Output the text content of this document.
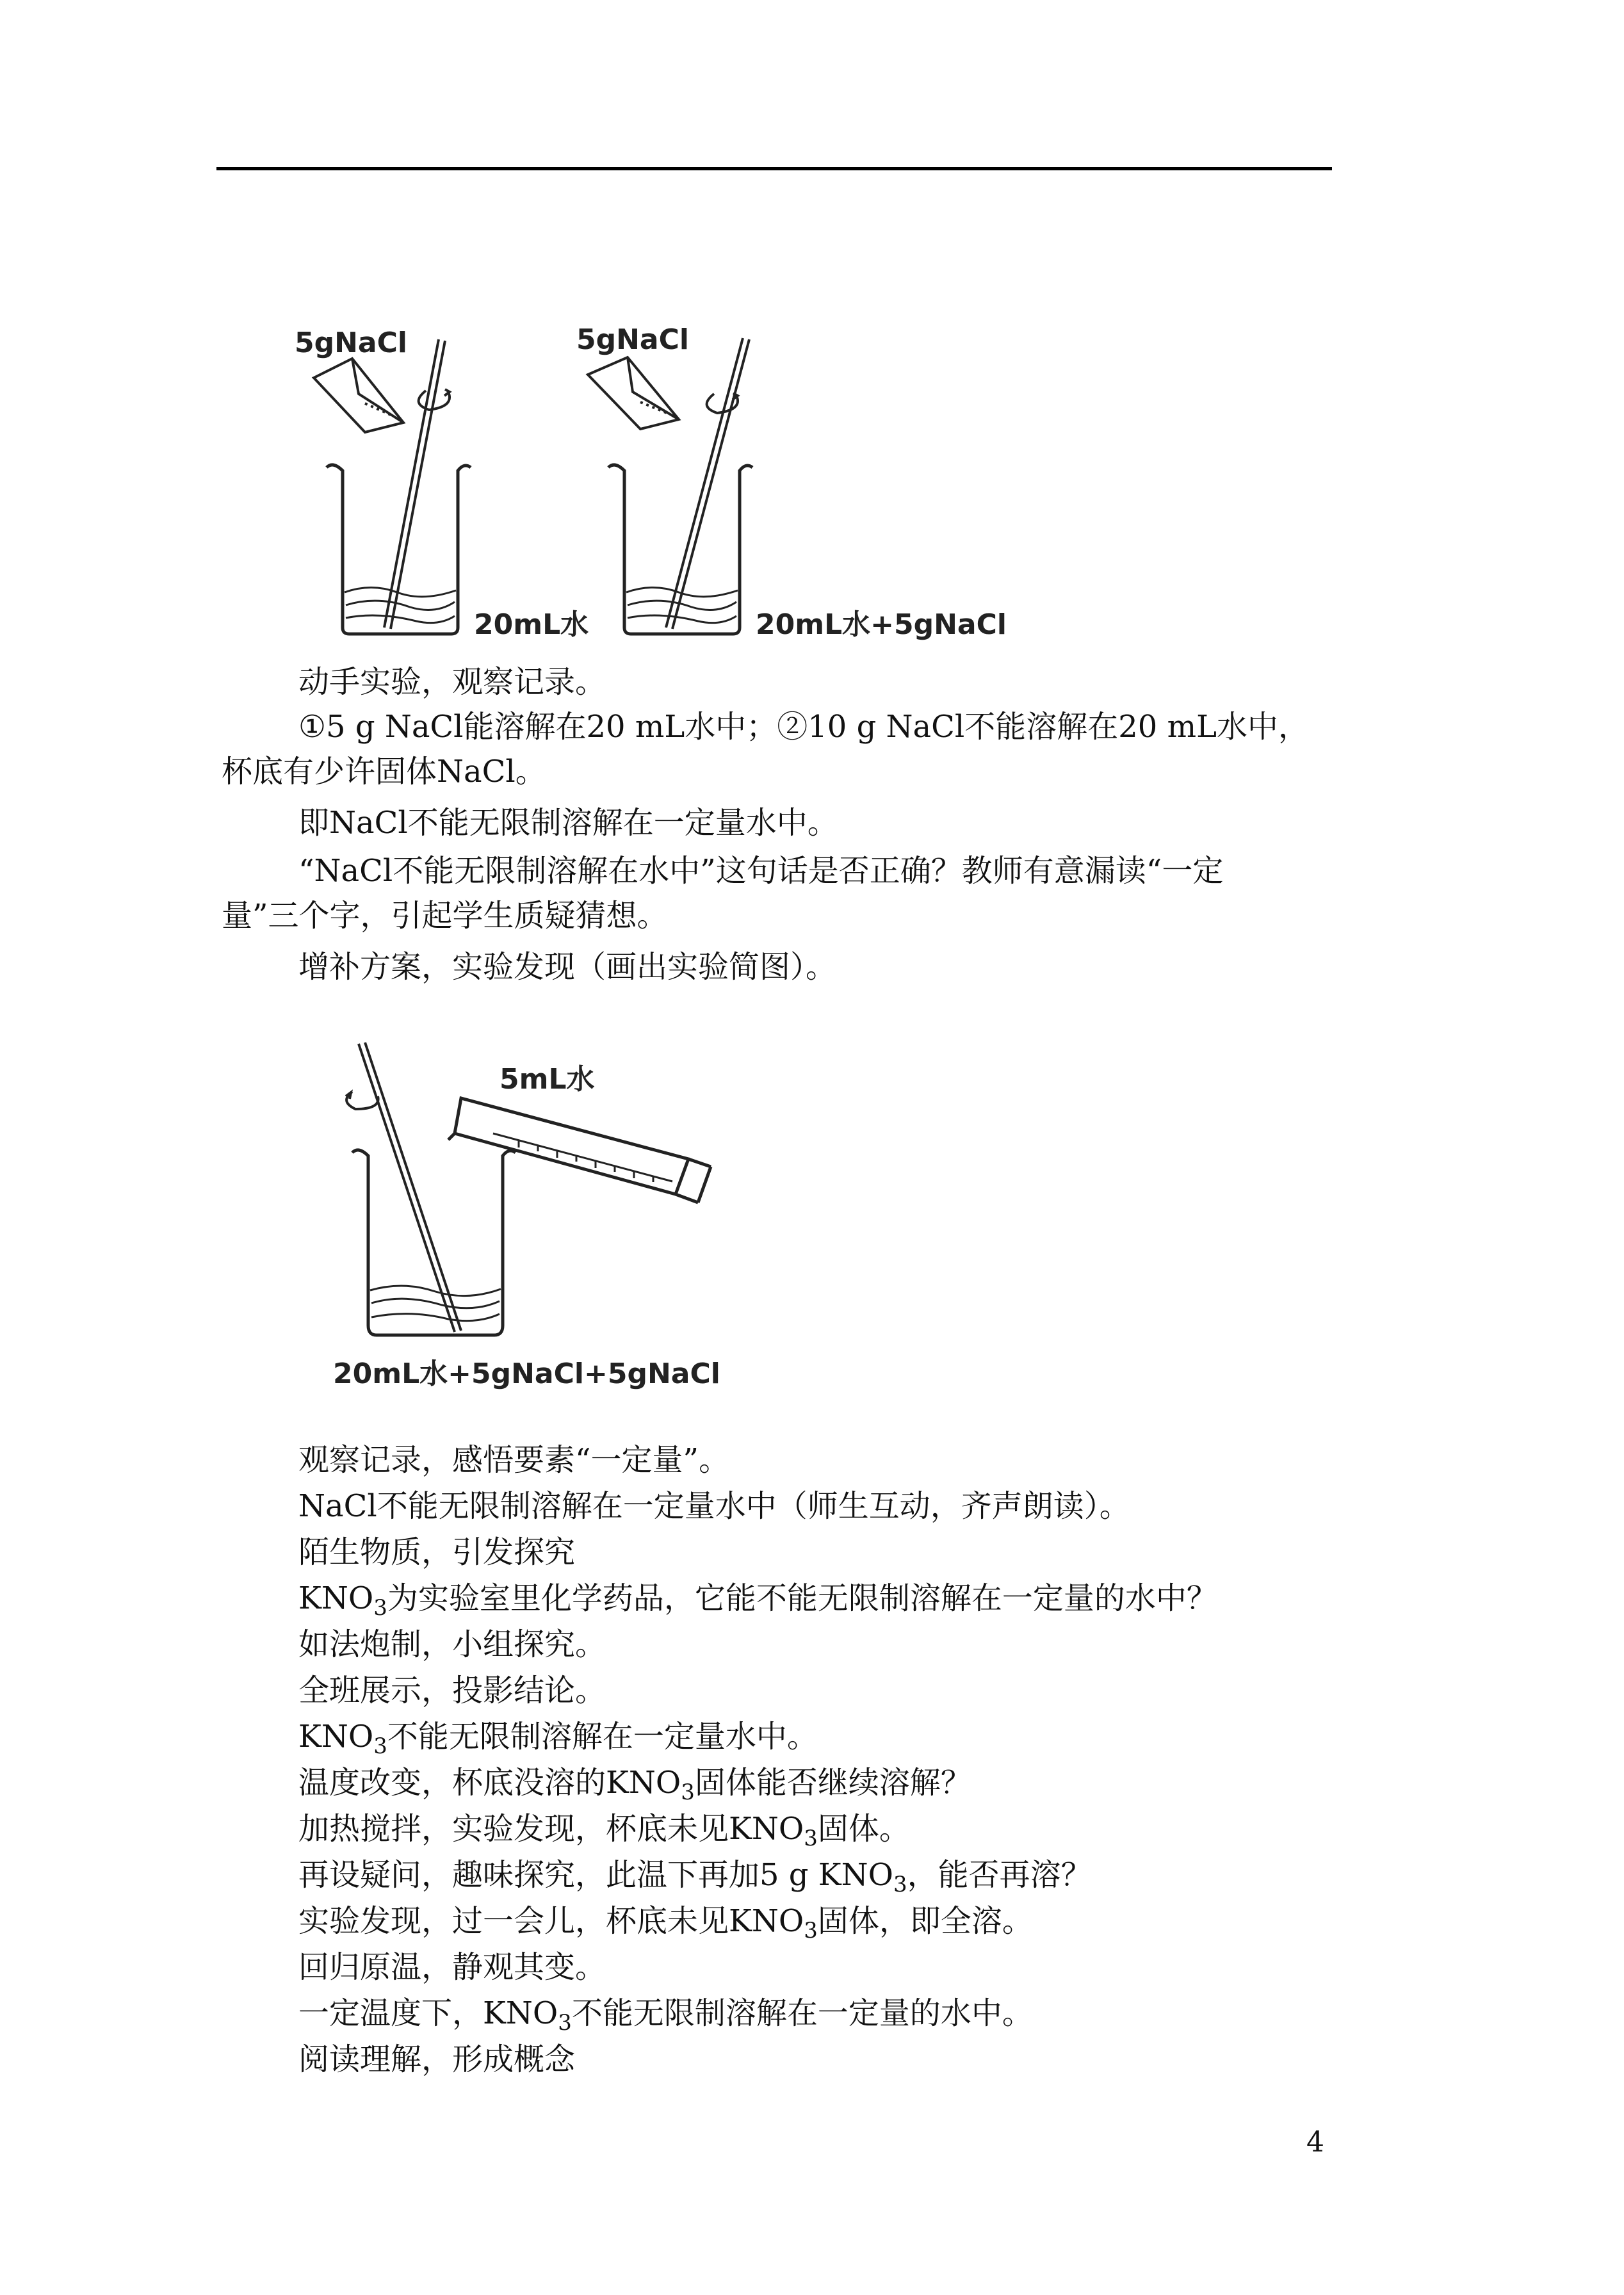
5gNaCl
20mL水
5gNaCl
20mL水+5gNaCl

动手实验，观察记录。

①5 g NaCl能溶解在20 mL水中；②10 g NaCl不能溶解在20 mL水中，

杯底有少许固体NaCl。

即NaCl不能无限制溶解在一定量水中。

“NaCl不能无限制溶解在水中”这句话是否正确？教师有意漏读“一定

量”三个字，引起学生质疑猜想。

增补方案，实验发现（画出实验简图）。

5mL水
20mL水+5gNaCl+5gNaCl

观察记录，感悟要素“一定量”。

NaCl不能无限制溶解在一定量水中（师生互动，齐声朗读）。

陌生物质，引发探究

$KNO_3$为实验室里化学药品，它能不能无限制溶解在一定量的水中？

如法炮制，小组探究。

全班展示，投影结论。

$KNO_3$不能无限制溶解在一定量水中。

温度改变，杯底没溶的$KNO_3$固体能否继续溶解？

加热搅拌，实验发现，杯底未见$KNO_3$固体。

再设疑问，趣味探究，此温下再加5 g $KNO_3$，能否再溶？

实验发现，过一会儿，杯底未见$KNO_3$固体，即全溶。

回归原温，静观其变。

一定温度下，$KNO_3$不能无限制溶解在一定量的水中。

阅读理解，形成概念

4
